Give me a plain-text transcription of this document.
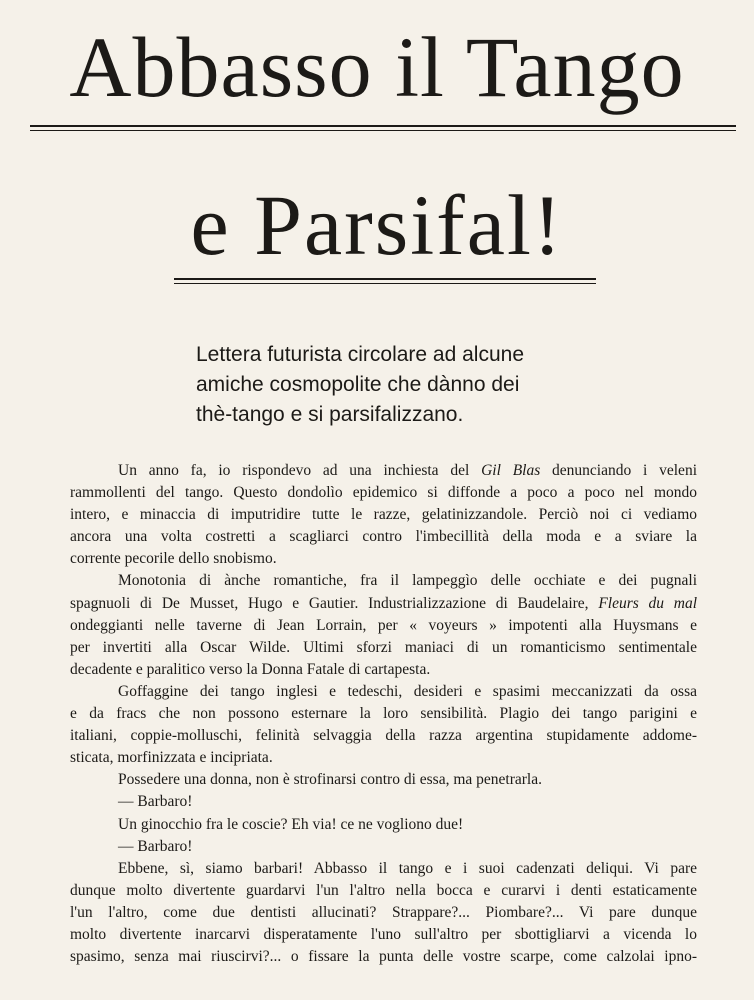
Abbasso il Tango
e Parsifal!
Lettera futurista circolare ad alcune
amiche cosmopolite che dànno dei
thè-tango e si parsifalizzano.
Un anno fa, io rispondevo ad una inchiesta del Gil Blas denunciando i veleni
rammollenti del tango. Questo dondolìo epidemico si diffonde a poco a poco nel mondo
intero, e minaccia di imputridire tutte le razze, gelatinizzandole. Perciò noi ci vediamo
ancora una volta costretti a scagliarci contro l'imbecillità della moda e a sviare la
corrente pecorile dello snobismo.
Monotonia di ànche romantiche, fra il lampeggìo delle occhiate e dei pugnali
spagnuoli di De Musset, Hugo e Gautier. Industrializzazione di Baudelaire, Fleurs du mal
ondeggianti nelle taverne di Jean Lorrain, per « voyeurs » impotenti alla Huysmans e
per invertiti alla Oscar Wilde. Ultimi sforzi maniaci di un romanticismo sentimentale
decadente e paralitico verso la Donna Fatale di cartapesta.
Goffaggine dei tango inglesi e tedeschi, desideri e spasimi meccanizzati da ossa
e da fracs che non possono esternare la loro sensibilità. Plagio dei tango parigini e
italiani, coppie-molluschi, felinità selvaggia della razza argentina stupidamente addome-
sticata, morfinizzata e incipriata.
Possedere una donna, non è strofinarsi contro di essa, ma penetrarla.
— Barbaro!
Un ginocchio fra le coscie? Eh via! ce ne vogliono due!
— Barbaro!
Ebbene, sì, siamo barbari! Abbasso il tango e i suoi cadenzati deliqui. Vi pare
dunque molto divertente guardarvi l'un l'altro nella bocca e curarvi i denti estaticamente
l'un l'altro, come due dentisti allucinati? Strappare?... Piombare?... Vi pare dunque
molto divertente inarcarvi disperatamente l'uno sull'altro per sbottigliarvi a vicenda lo
spasimo, senza mai riuscirvi?... o fissare la punta delle vostre scarpe, come calzolai ipno-
